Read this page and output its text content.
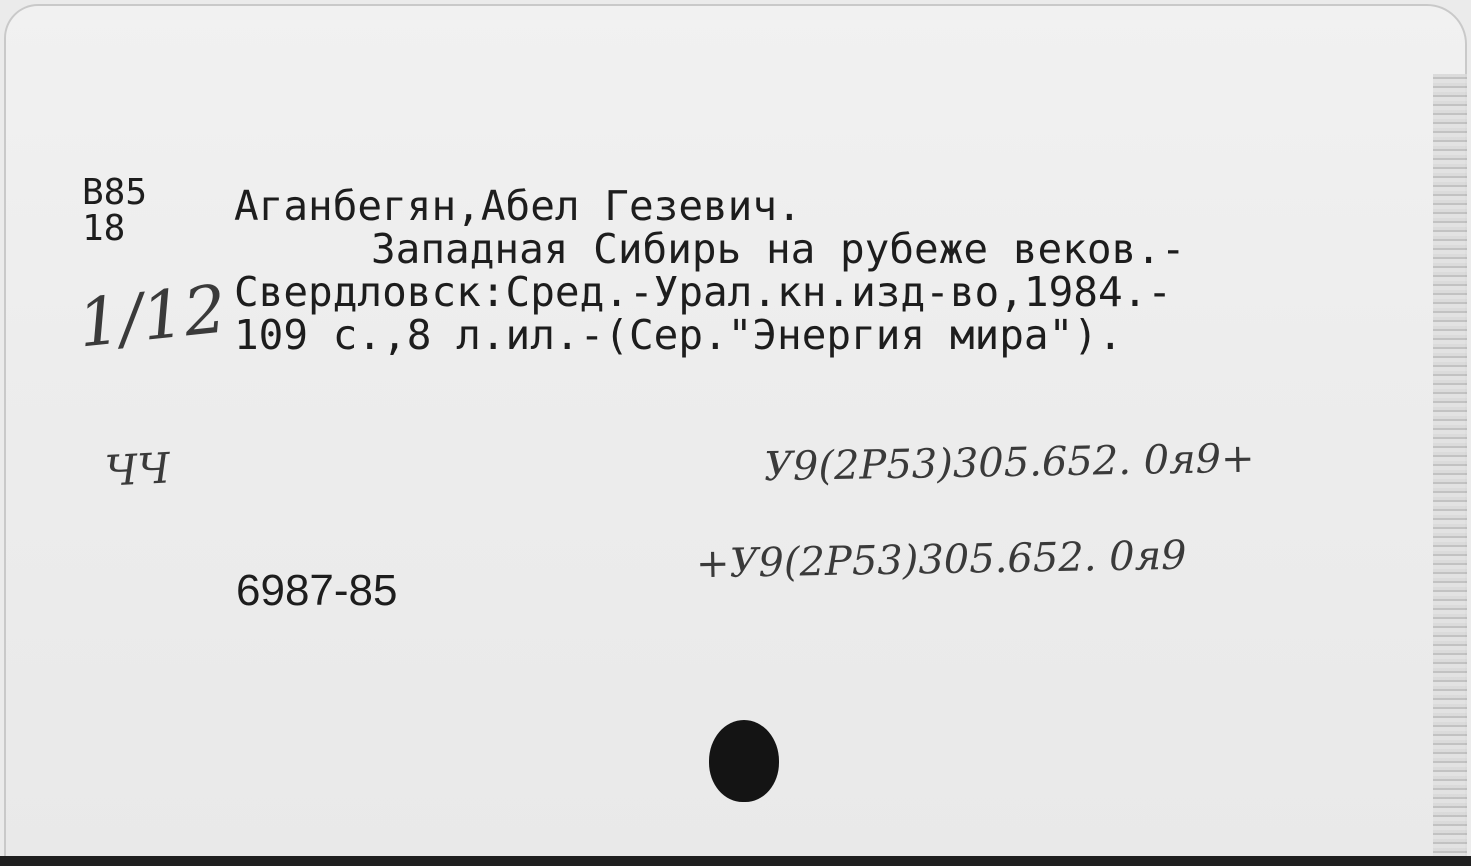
В85
18
1/12
ЧЧ
Аганбегян,Абел Гезевич.
Западная Сибирь на рубеже веков.-
Свердловск:Сред.-Урал.кн.изд-во,1984.-
109 с.,8 л.ил.-(Сер."Энергия мира").
У9(2Р53)305.652. 0я9+
+У9(2Р53)305.652. 0я9
6987-85
